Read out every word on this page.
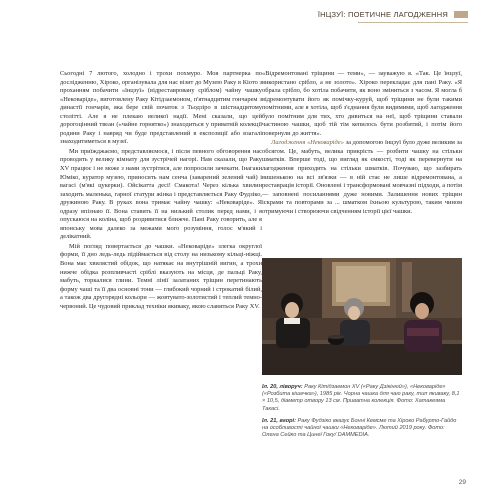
ЇНЦЗУЇ: ПОЕТИЧНЕ ЛАГОДЖЕННЯ

Сьогодні 7 лютого, холодно і трохи похмуро. Моя партнерка по дослідженню, Хіроко, організувала для нас візит до Музею Раку в Кіото з проханням побачити «їнцзуї» (відреставровану сріблом) чайну чашку «Нековаріде», виготовлену Раку Кітідзаемоном, п'ятнадцятим гончарем з династії гончарів, яка бере свій початок з Тьодзіро в шістнадцятому столітті. Але я не плекаю великої надії. Мені сказали, що цей дорогоцінний твеан («чайне горнятко») знаходиться у приватній колекції родини Раку і навряд чи буде представлений в експозиції або взагалі знаходитиметься в музеї.

Ми приїжджаємо, представляємося, і після певного обговорення нас проводять у велику кімнату для зустрічей нагорі. Нам сказали, що Раку XV працює і не може з нами зустрітися, але попросили зачекати. Інагаки Юміко, куратор музею, приносить нам сенча (заварений зелений чай) і вагасі (м'які цукерки). Ойсікатта десі! Смакота! Через кілька хвилин заходить маленька, гарної статури жінка і представляється Раку Фудзіко, дружиною Раку. В руках вона тримає чайну чашку: «Нековаріде». Я одразу впізнаю її. Вона ставить її на низький столик перед нами, і я опускаюся на коліна, щоб роздивитися ближче. Пані Раку говорить, але я японську мова далеко за межами мого розуміння, голос м'який і делікатний.

Мій погляд повертається до чашки. «Нековаріде» злегка округлої форми, її дно ледь-ледь підіймається від столу на низькому кільці-ніжці. Вона має хвилястий обідок, що натякає на внутрішній вигин, а трохи нижче обідка розпливчасті сріблі вказують на місця, де пальці Раку, мабуть, торкалися глини. Темні лінії залатаних тріщин перетинають форму чаші та її два основні тони — глибокий чорний і строкатий білий, а також два другорядні кольори — жовтувато-золотистий і теплий темно-червоний. Це чудовий приклад техніки якиваку, якою славиться Раку XV.

«Відремонтовані тріщини — теми», — зауважую я. «Так. Це їнцзуї, використано срібло, а не золото». Хіроко перекладає для пані Раку. «Я обрала срібло, бо хотіла побачити, як воно зміниться з часом. Я могла б відремонтувати його як помічку-куруй, щоб тріщини не були такими помітними, але я хотіла, щоб з'єднання були видимими, щоб лагодження було помітним для тих, хто дивиться на неї, щоб тріщини ставали частиною чашки, щоб тій тім кепилось бути розбитий, і потім його повернули до життя».

Лагодження «Нековаріде» за допомогою їнцзуї було дуже великим за обсягом. Це, мабуть, велика прикрість — розбити чашку на стільки шматків. Вперше тоді, що вигляд як ємкості, тоді як перевернути на лагодження приходить на стільки шматків. Почуваю, що зазбирать вишенькою на всі зв'язки — в ній стає не лише відремонтована, а реставрація історії. Оновлені і трансформовані мовчазні підходи, а потім — заповнені посиланнями дуже новими. Залишення нових тріщин іскрами та повторами за ... шматком їхньою культурою, таким чином отримуючи і створюючи свідченням історії цієї чашки.

Іл. 20, ліворуч: Раку Кітідзаемон XV («Раку Дзікінюй»), «Нековаріде» («Розбита кішечка»), 1985 рік. Чорна чашка для чаю раку, тип якиваку, 8,1 × 10,5, діаметр отвору 13 см. Приватна колекція. Фото: Хатакеяма Такасі.
Іл. 21, вгорі: Раку Фудзіко вказує Бонні Кемсме та Хіроко Рабурто-Гайдо на особливості чайної чашки «Нековаріде». Лютий 2019 року. Фото: Олена Сейко та Цинеї Гоку/ DAMMEDIA.
29
